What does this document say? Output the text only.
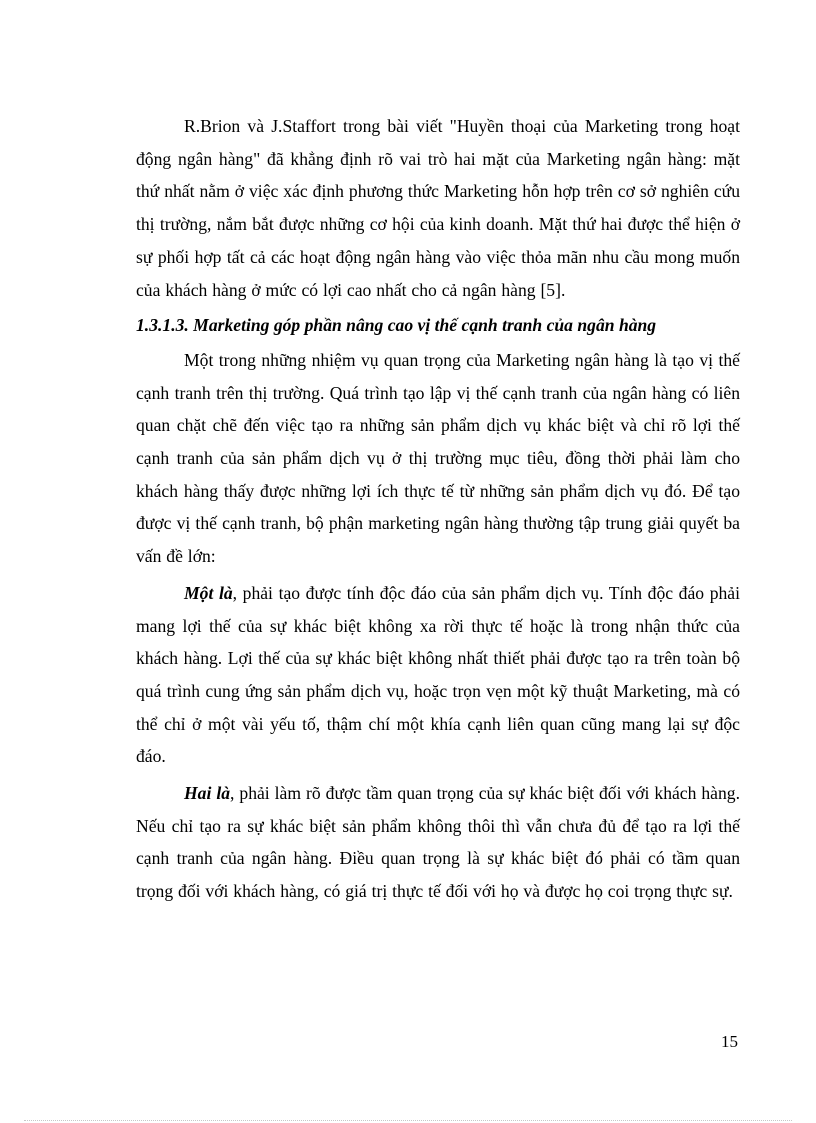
R.Brion và J.Staffort trong bài viết "Huyền thoại của Marketing trong hoạt động ngân hàng" đã khẳng định rõ vai trò hai mặt của Marketing ngân hàng: mặt thứ nhất nằm ở việc xác định phương thức Marketing hỗn hợp trên cơ sở nghiên cứu thị trường, nắm bắt được những cơ hội của kinh doanh. Mặt thứ hai được thể hiện ở sự phối hợp tất cả các hoạt động ngân hàng vào việc thỏa mãn nhu cầu mong muốn của khách hàng ở mức có lợi cao nhất cho cả ngân hàng [5].

1.3.1.3. Marketing góp phần nâng cao vị thế cạnh tranh của ngân hàng

Một trong những nhiệm vụ quan trọng của Marketing ngân hàng là tạo vị thế cạnh tranh trên thị trường. Quá trình tạo lập vị thế cạnh tranh của ngân hàng có liên quan chặt chẽ đến việc tạo ra những sản phẩm dịch vụ khác biệt và chỉ rõ lợi thế cạnh tranh của sản phẩm dịch vụ ở thị trường mục tiêu, đồng thời phải làm cho khách hàng thấy được những lợi ích thực tế từ những sản phẩm dịch vụ đó. Để tạo được vị thế cạnh tranh, bộ phận marketing ngân hàng thường tập trung giải quyết ba vấn đề lớn:

Một là, phải tạo được tính độc đáo của sản phẩm dịch vụ. Tính độc đáo phải mang lợi thế của sự khác biệt không xa rời thực tế hoặc là trong nhận thức của khách hàng. Lợi thế của sự khác biệt không nhất thiết phải được tạo ra trên toàn bộ quá trình cung ứng sản phẩm dịch vụ, hoặc trọn vẹn một kỹ thuật Marketing, mà có thể chỉ ở một vài yếu tố, thậm chí một khía cạnh liên quan cũng mang lại sự độc đáo.

Hai là, phải làm rõ được tầm quan trọng của sự khác biệt đối với khách hàng. Nếu chỉ tạo ra sự khác biệt sản phẩm không thôi thì vẫn chưa đủ để tạo ra lợi thế cạnh tranh của ngân hàng. Điều quan trọng là sự khác biệt đó phải có tầm quan trọng đối với khách hàng, có giá trị thực tế đối với họ và được họ coi trọng thực sự.

15
